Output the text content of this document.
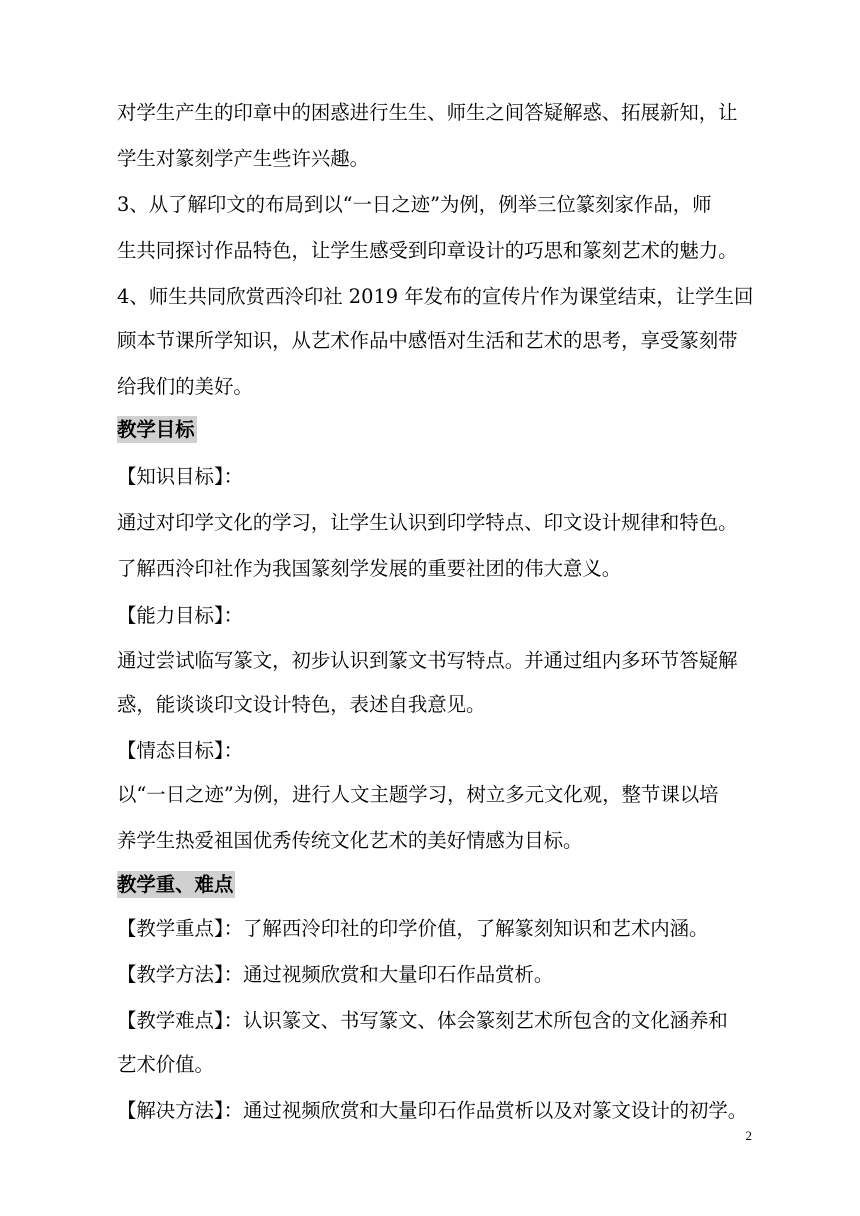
对学生产生的印章中的困惑进行生生、师生之间答疑解惑、拓展新知，让
学生对篆刻学产生些许兴趣。
3、从了解印文的布局到以“一日之迹”为例，例举三位篆刻家作品，师
生共同探讨作品特色，让学生感受到印章设计的巧思和篆刻艺术的魅力。
4、师生共同欣赏西泠印社 2019 年发布的宣传片作为课堂结束，让学生回
顾本节课所学知识，从艺术作品中感悟对生活和艺术的思考，享受篆刻带
给我们的美好。
教学目标
【知识目标】：
通过对印学文化的学习，让学生认识到印学特点、印文设计规律和特色。
了解西泠印社作为我国篆刻学发展的重要社团的伟大意义。
【能力目标】：
通过尝试临写篆文，初步认识到篆文书写特点。并通过组内多环节答疑解
惑，能谈谈印文设计特色，表述自我意见。
【情态目标】：
以“一日之迹”为例，进行人文主题学习，树立多元文化观，整节课以培
养学生热爱祖国优秀传统文化艺术的美好情感为目标。
教学重、难点
【教学重点】：了解西泠印社的印学价值，了解篆刻知识和艺术内涵。
【教学方法】：通过视频欣赏和大量印石作品赏析。
【教学难点】：认识篆文、书写篆文、体会篆刻艺术所包含的文化涵养和
艺术价值。
【解决方法】：通过视频欣赏和大量印石作品赏析以及对篆文设计的初学。
2
